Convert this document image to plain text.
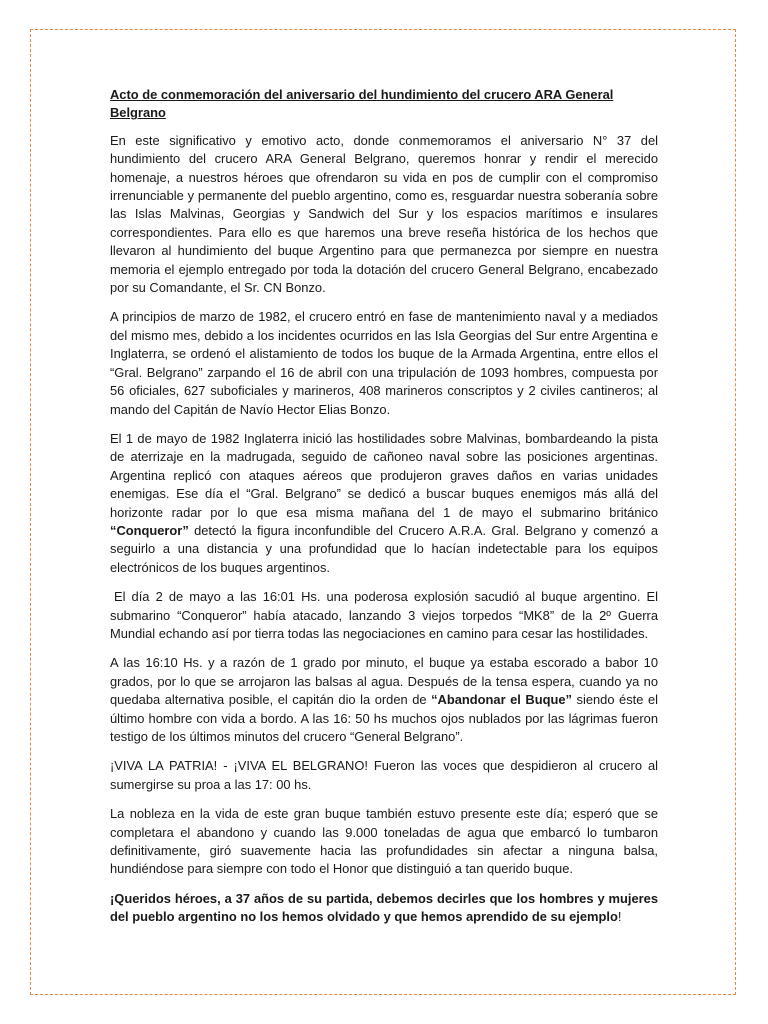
Acto de conmemoración del aniversario del hundimiento del crucero ARA General Belgrano

En este significativo y emotivo acto, donde conmemoramos el aniversario N° 37 del hundimiento del crucero ARA General Belgrano, queremos honrar y rendir el merecido homenaje, a nuestros héroes que ofrendaron su vida en pos de cumplir con el compromiso irrenunciable y permanente del pueblo argentino, como es, resguardar nuestra soberanía sobre las Islas Malvinas, Georgias y Sandwich del Sur y los espacios marítimos e insulares correspondientes. Para ello es que haremos una breve reseña histórica de los hechos que llevaron al hundimiento del buque Argentino para que permanezca por siempre en nuestra memoria el ejemplo entregado por toda la dotación del crucero General Belgrano, encabezado por su Comandante, el Sr. CN Bonzo.

A principios de marzo de 1982, el crucero entró en fase de mantenimiento naval y a mediados del mismo mes, debido a los incidentes ocurridos en las Isla Georgias del Sur entre Argentina e Inglaterra, se ordenó el alistamiento de todos los buque de la Armada Argentina, entre ellos el “Gral. Belgrano” zarpando el 16 de abril con una tripulación de 1093 hombres, compuesta por 56 oficiales, 627 suboficiales y marineros, 408 marineros conscriptos y 2 civiles cantineros; al mando del Capitán de Navío Hector Elias Bonzo.

El 1 de mayo de 1982 Inglaterra inició las hostilidades sobre Malvinas, bombardeando la pista de aterrizaje en la madrugada, seguido de cañoneo naval sobre las posiciones argentinas. Argentina replicó con ataques aéreos que produjeron graves daños en varias unidades enemigas. Ese día el “Gral. Belgrano” se dedicó a buscar buques enemigos más allá del horizonte radar por lo que esa misma mañana del 1 de mayo el submarino británico “Conqueror” detectó la figura inconfundible del Crucero A.R.A. Gral. Belgrano y comenzó a seguirlo a una distancia y una profundidad que lo hacían indetectable para los equipos electrónicos de los buques argentinos.

El día 2 de mayo a las 16:01 Hs. una poderosa explosión sacudió al buque argentino. El submarino “Conqueror” había atacado, lanzando 3 viejos torpedos “MK8” de la 2º Guerra Mundial echando así por tierra todas las negociaciones en camino para cesar las hostilidades.

A las 16:10 Hs. y a razón de 1 grado por minuto, el buque ya estaba escorado a babor 10 grados, por lo que se arrojaron las balsas al agua. Después de la tensa espera, cuando ya no quedaba alternativa posible, el capitán dio la orden de “Abandonar el Buque” siendo éste el último hombre con vida a bordo. A las 16: 50 hs muchos ojos nublados por las lágrimas fueron testigo de los últimos minutos del crucero “General Belgrano”.

¡VIVA LA PATRIA! - ¡VIVA EL BELGRANO! Fueron las voces que despidieron al crucero al sumergirse su proa a las 17: 00 hs.

La nobleza en la vida de este gran buque también estuvo presente este día; esperó que se completara el abandono y cuando las 9.000 toneladas de agua que embarcó lo tumbaron definitivamente, giró suavemente hacia las profundidades sin afectar a ninguna balsa, hundiéndose para siempre con todo el Honor que distinguió a tan querido buque.

¡Queridos héroes, a 37 años de su partida, debemos decirles que los hombres y mujeres del pueblo argentino no los hemos olvidado y que hemos aprendido de su ejemplo!
